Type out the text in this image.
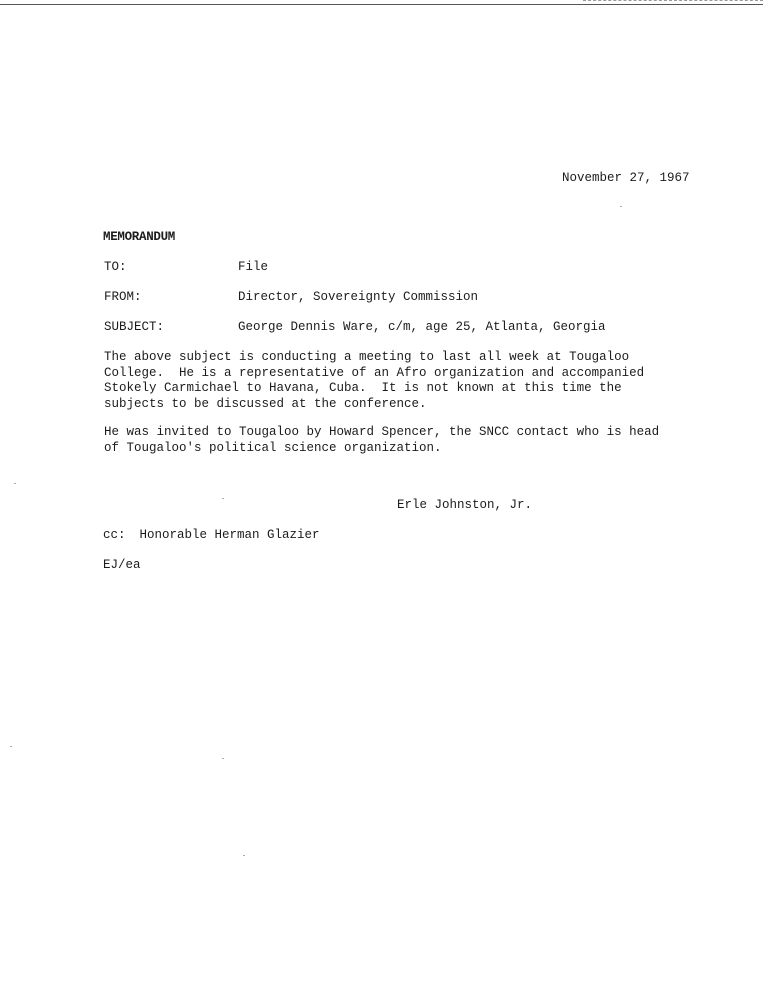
November 27, 1967
MEMORANDUM
TO:	File
FROM:	Director, Sovereignty Commission
SUBJECT:	George Dennis Ware, c/m, age 25, Atlanta, Georgia
The above subject is conducting a meeting to last all week at Tougaloo
College.  He is a representative of an Afro organization and accompanied
Stokely Carmichael to Havana, Cuba.  It is not known at this time the
subjects to be discussed at the conference.
He was invited to Tougaloo by Howard Spencer, the SNCC contact who is head
of Tougaloo's political science organization.
Erle Johnston, Jr.
cc: Honorable Herman Glazier
EJ/ea
